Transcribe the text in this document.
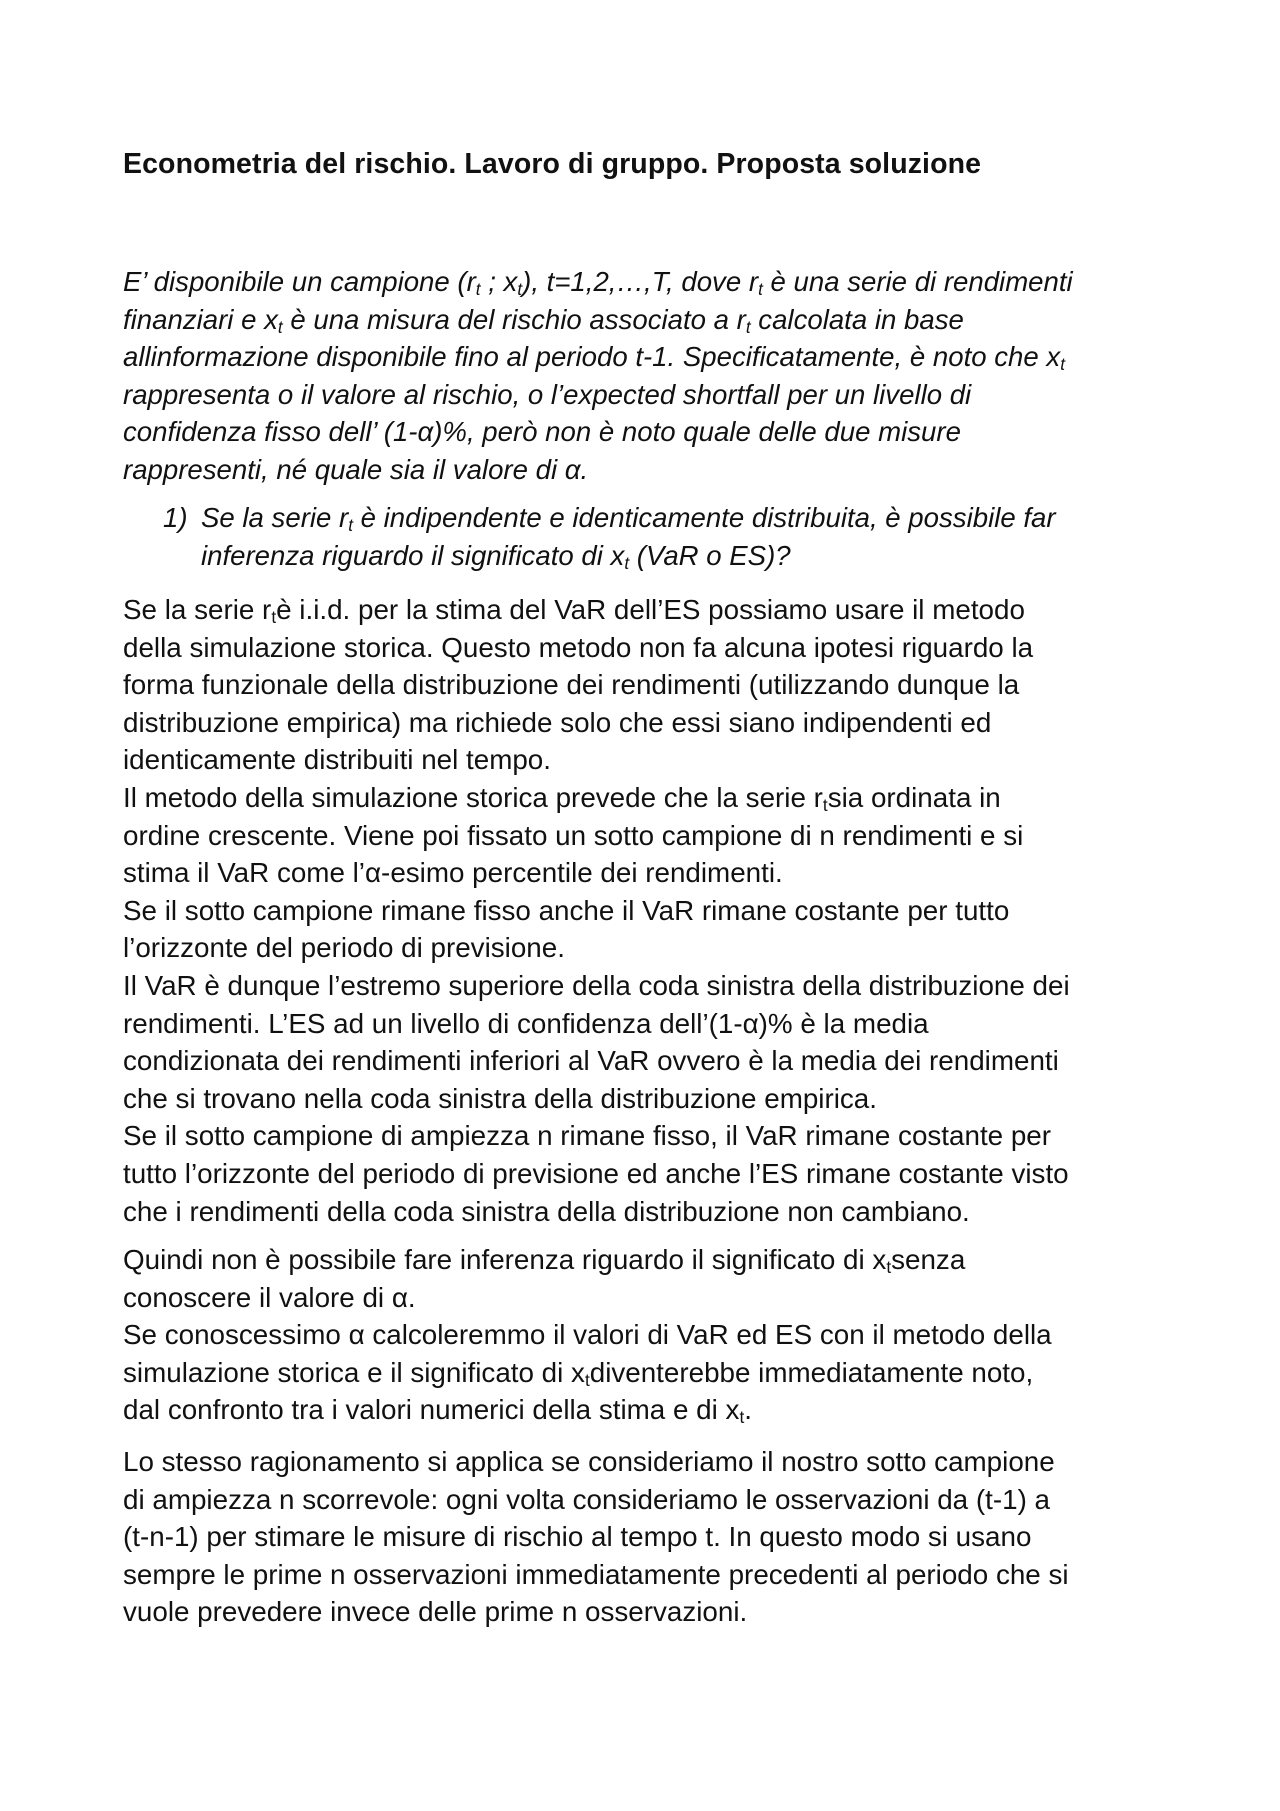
Econometria del rischio. Lavoro di gruppo. Proposta soluzione
E’ disponibile un campione ($r_t$ ; $x_t$), t=1,2,…,T, dove $r_t$ è una serie di rendimenti
finanziari e $x_t$ è una misura del rischio associato a $r_t$ calcolata in base
allinformazione disponibile fino al periodo t-1. Specificatamente, è noto che $x_t$
rappresenta o il valore al rischio, o l’expected shortfall per un livello di
confidenza fisso dell’ (1-α)%, però non è noto quale delle due misure
rappresenti, né quale sia il valore di α.
1) Se la serie $r_t$ è indipendente e identicamente distribuita, è possibile far
inferenza riguardo il significato di $x_t$ (VaR o ES)?
Se la serie $r_tè$ i.i.d. per la stima del VaR dell’ES possiamo usare il metodo
della simulazione storica. Questo metodo non fa alcuna ipotesi riguardo la
forma funzionale della distribuzione dei rendimenti (utilizzando dunque la
distribuzione empirica) ma richiede solo che essi siano indipendenti ed
identicamente distribuiti nel tempo.
Il metodo della simulazione storica prevede che la serie $r_tsia$ ordinata in
ordine crescente. Viene poi fissato un sotto campione di n rendimenti e si
stima il VaR come l’α-esimo percentile dei rendimenti.
Se il sotto campione rimane fisso anche il VaR rimane costante per tutto
l’orizzonte del periodo di previsione.
Il VaR è dunque l’estremo superiore della coda sinistra della distribuzione dei
rendimenti. L’ES ad un livello di confidenza dell’(1-α)% è la media
condizionata dei rendimenti inferiori al VaR ovvero è la media dei rendimenti
che si trovano nella coda sinistra della distribuzione empirica.
Se il sotto campione di ampiezza n rimane fisso, il VaR rimane costante per
tutto l’orizzonte del periodo di previsione ed anche l’ES rimane costante visto
che i rendimenti della coda sinistra della distribuzione non cambiano.
Quindi non è possibile fare inferenza riguardo il significato di $x_tsenza$
conoscere il valore di α.
Se conoscessimo α calcoleremmo il valori di VaR ed ES con il metodo della
simulazione storica e il significato di $x_tdiventerebbe$ immediatamente noto,
dal confronto tra i valori numerici della stima e di $x_t$.
Lo stesso ragionamento si applica se consideriamo il nostro sotto campione
di ampiezza n scorrevole: ogni volta consideriamo le osservazioni da (t-1) a
(t-n-1) per stimare le misure di rischio al tempo t. In questo modo si usano
sempre le prime n osservazioni immediatamente precedenti al periodo che si
vuole prevedere invece delle prime n osservazioni.
